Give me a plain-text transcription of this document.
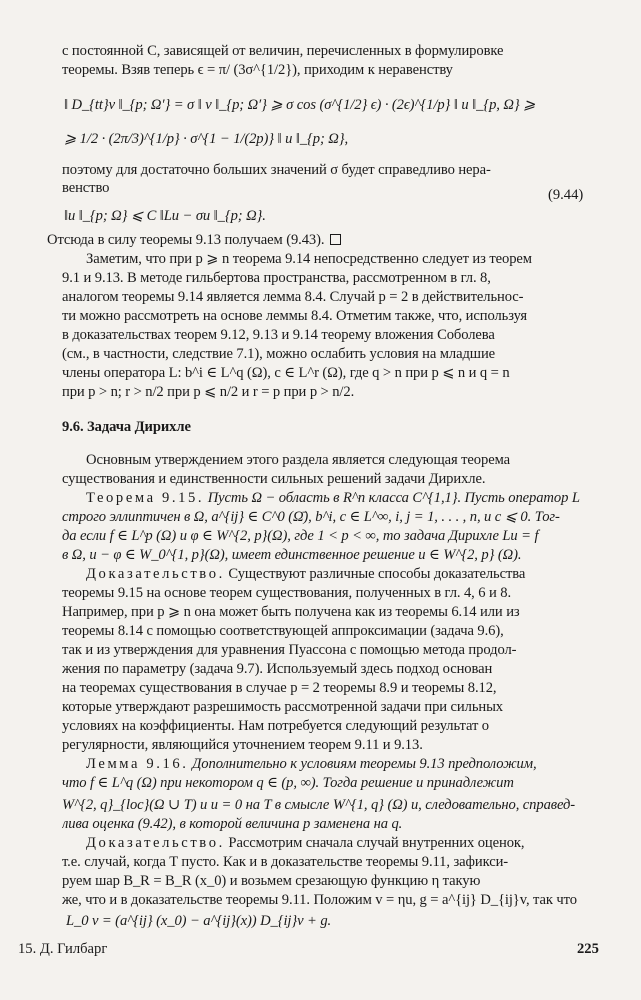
с постоянной C, зависящей от величин, перечисленных в формулировке

теоремы. Взяв теперь ϵ = π/ (3σ^{1/2}), приходим к неравенству

‖ D_{tt}v ‖_{p; Ω′} = σ ‖ v ‖_{p; Ω′} ⩾ σ cos (σ^{1/2} ϵ) · (2ϵ)^{1/p} ‖ u ‖_{p, Ω} ⩾

⩾ 1/2 · (2π/3)^{1/p} · σ^{1 − 1/(2p)} ‖ u ‖_{p; Ω},

поэтому для достаточно больших значений σ будет справедливо нера-

венство	(9.44)

‖u ‖_{p; Ω} ⩽ C ‖Lu − σu ‖_{p; Ω}.

Отсюда в силу теоремы 9.13 получаем (9.43).

Заметим, что при p ⩾ n теорема 9.14 непосредственно следует из теорем

9.1 и 9.13. В методе гильбертова пространства, рассмотренном в гл. 8,

аналогом теоремы 9.14 является лемма 8.4. Случай p = 2 в действительнос-

ти можно рассмотреть на основе леммы 8.4. Отметим также, что, используя

в доказательствах теорем 9.12, 9.13 и 9.14 теорему вложения Соболева

(см., в частности, следствие 7.1), можно ослабить условия на младшие

члены оператора L: b^i ∈ L^q (Ω), c ∈ L^r (Ω), где q > n при p ⩽ n и q = n

при p > n; r > n/2 при p ⩽ n/2 и r = p при p > n/2.

9.6. Задача Дирихле

Основным утверждением этого раздела является следующая теорема

существования и единственности сильных решений задачи Дирихле.

Теорема 9.15. Пусть Ω − область в R^n класса C^{1,1}. Пусть оператор L

строго эллиптичен в Ω, a^{ij} ∈ C^0 (Ω̄), b^i, c ∈ L^∞, i, j = 1, . . . , n, и c ⩽ 0. Тог-

да если f ∈ L^p (Ω) и φ ∈ W^{2, p}(Ω), где 1 < p < ∞, то задача Дирихле Lu = f

в Ω, u − φ ∈ W_0^{1, p}(Ω), имеет единственное решение u ∈ W^{2, p} (Ω).

Доказательство. Существуют различные способы доказательства

теоремы 9.15 на основе теорем существования, полученных в гл. 4, 6 и 8.

Например, при p ⩾ n она может быть получена как из теоремы 6.14 или из

теоремы 8.14 с помощью соответствующей аппроксимации (задача 9.6),

так и из утверждения для уравнения Пуассона с помощью метода продол-

жения по параметру (задача 9.7). Используемый здесь подход основан

на теоремах существования в случае p = 2 теоремы 8.9 и теоремы 8.12,

которые утверждают разрешимость рассмотренной задачи при сильных

условиях на коэффициенты. Нам потребуется следующий результат о

регулярности, являющийся уточнением теорем 9.11 и 9.13.

Лемма 9.16. Дополнительно к условиям теоремы 9.13 предположим,

что f ∈ L^q (Ω) при некотором q ∈ (p, ∞). Тогда решение и принадлежит

W^{2, q}_{loc}(Ω ∪ T) и u = 0 на T в смысле W^{1, q} (Ω) и, следовательно, справед-

лива оценка (9.42), в которой величина p заменена на q.

Доказательство. Рассмотрим сначала случай внутренних оценок,

т.е. случай, когда T пусто. Как и в доказательстве теоремы 9.11, зафикси-

руем шар B_R = B_R (x_0) и возьмем срезающую функцию η такую

же, что и в доказательстве теоремы 9.11. Положим v = ηu, g = a^{ij} D_{ij}v, так что

L_0 v = (a^{ij} (x_0) − a^{ij}(x)) D_{ij}v + g.

15. Д. Гилбарг	225
